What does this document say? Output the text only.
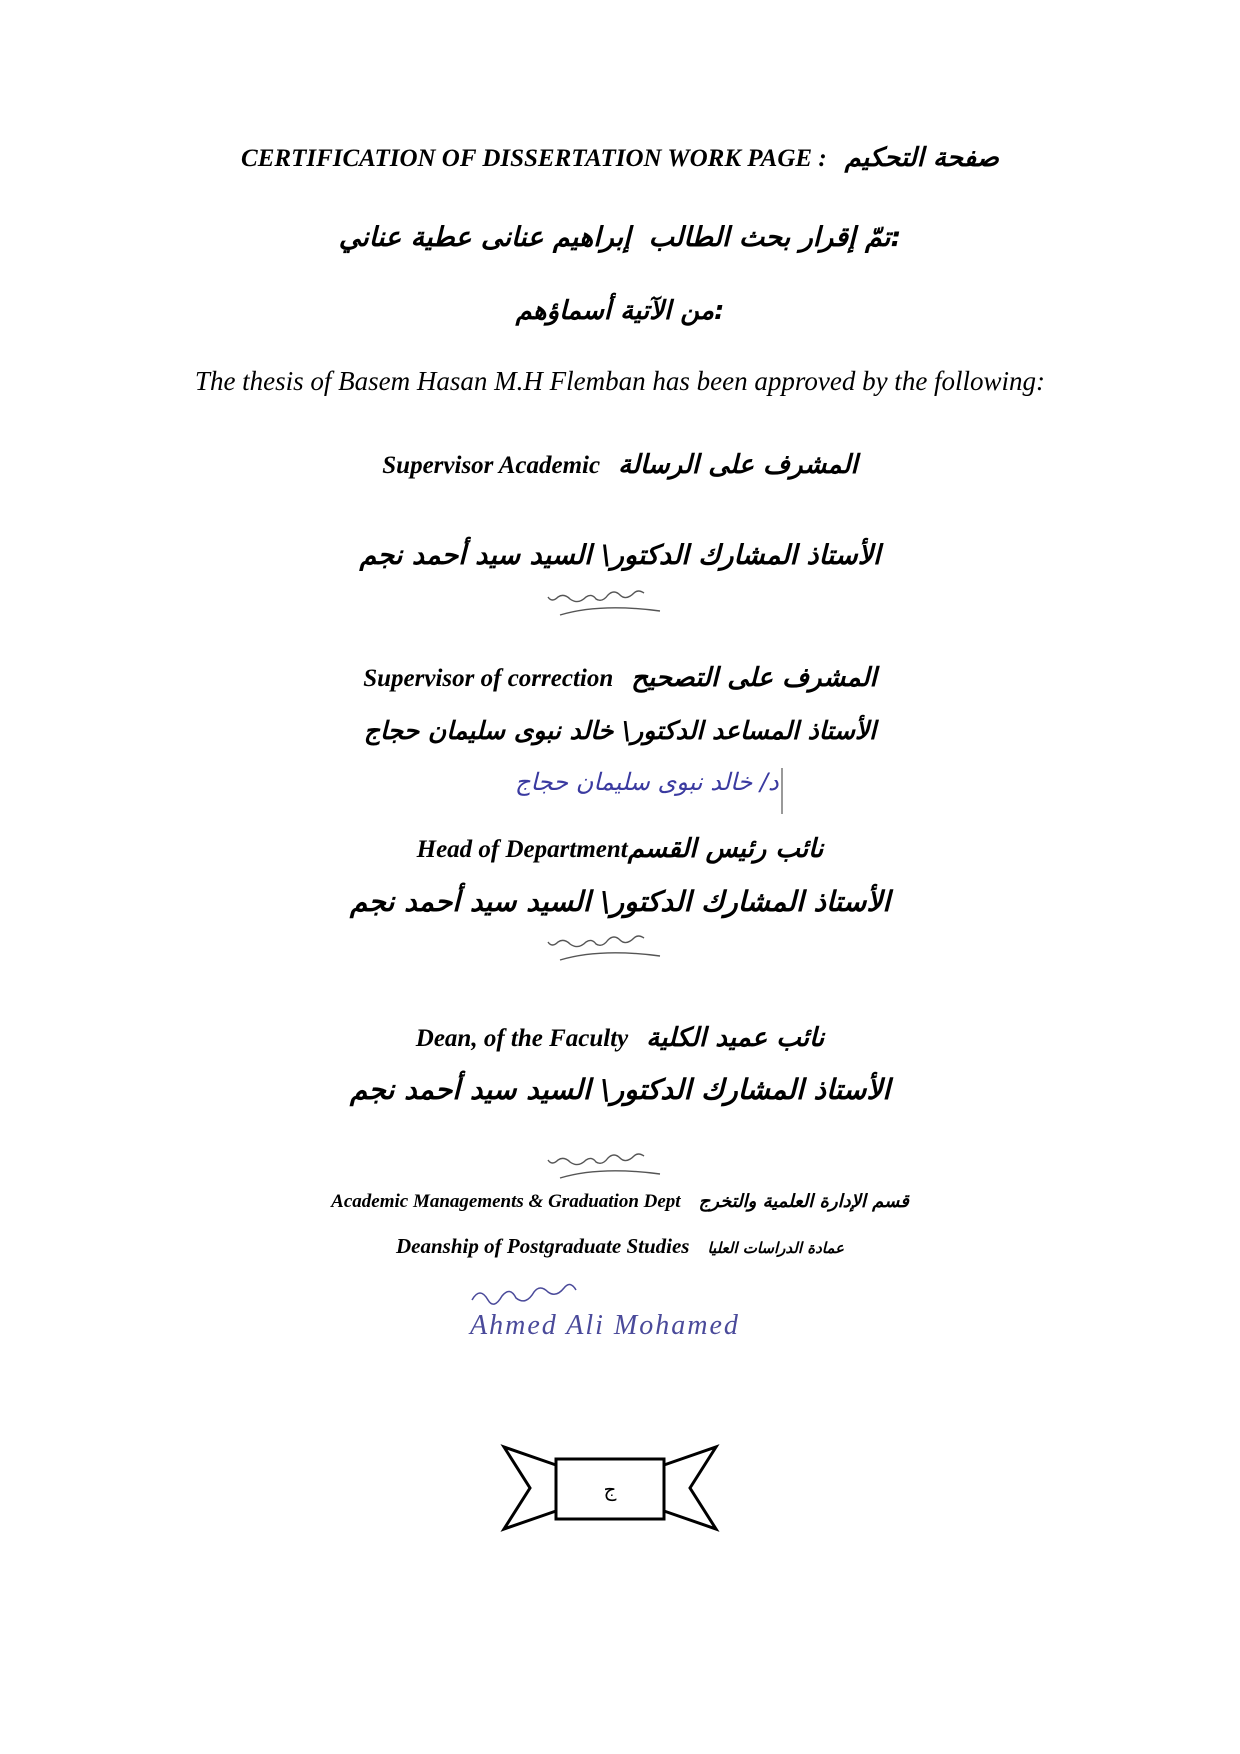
CERTIFICATION OF DISSERTATION WORK PAGE : صفحة التحكيم
إبراهيم عنانى عطية عناني تمّ إقرار بحث الطالب:
من الآتية أسماؤهم:
The thesis of Basem Hasan M.H Flemban has been approved by the following:
Supervisor Academic المشرف على الرسالة
الأستاذ المشارك الدكتور\ السيد سيد أحمد نجم
Supervisor of correction المشرف على التصحيح
الأستاذ المساعد الدكتور\ خالد نبوى سليمان حجاج
د/ خالد نبوى سليمان حجاج
Head of Departmentنائب رئيس القسم
الأستاذ المشارك الدكتور\ السيد سيد أحمد نجم
Dean, of the Faculty نائب عميد الكلية
الأستاذ المشارك الدكتور\ السيد سيد أحمد نجم
Academic Managements & Graduation Dept قسم الإدارة العلمية والتخرج
Deanship of Postgraduate Studies عمادة الدراسات العليا
Ahmed Ali Mohamed
ج
